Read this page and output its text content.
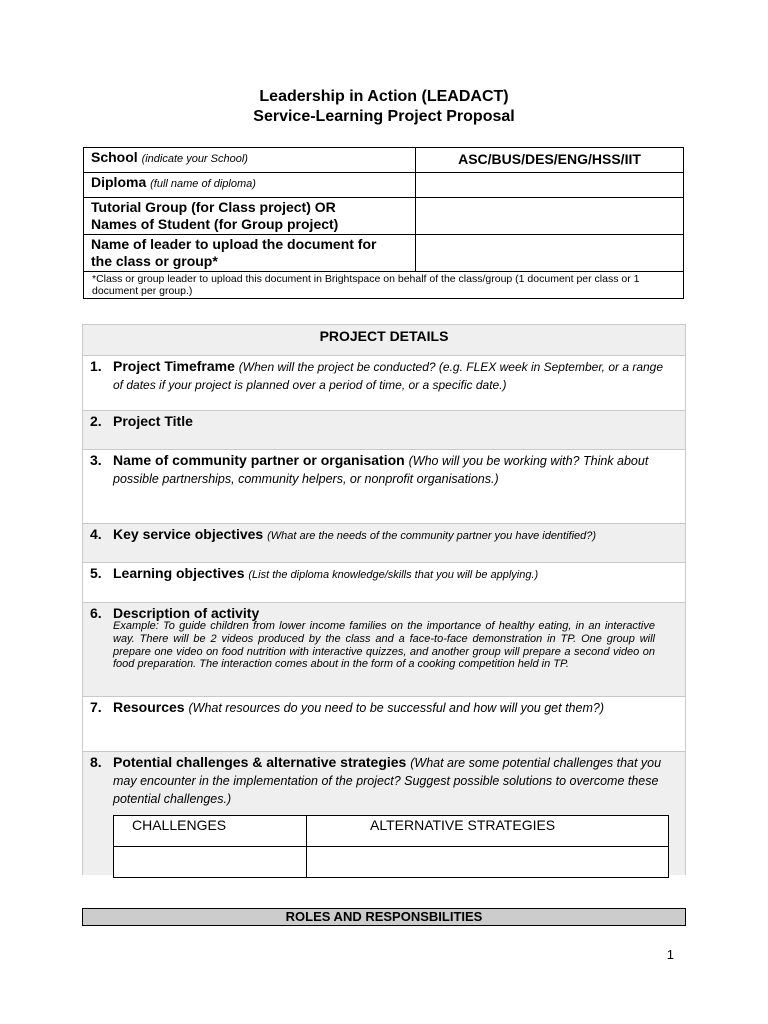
Leadership in Action (LEADACT)
Service-Learning Project Proposal
School (indicate your School)	ASC/BUS/DES/ENG/HSS/IIT
Diploma (full name of diploma)	

Tutorial Group (for Class project) OR
Names of Student (for Group project)	

Name of leader to upload the document for
the class or group*	

*Class or group leader to upload this document in Brightspace on behalf of the class/group (1 document per class or 1 document per group.)	
PROJECT DETAILS
1. Project Timeframe (When will the project be conducted? (e.g. FLEX week in September, or a range of dates if your project is planned over a period of time, or a specific date.)
2. Project Title
3. Name of community partner or organisation (Who will you be working with? Think about possible partnerships, community helpers, or nonprofit organisations.)
4. Key service objectives (What are the needs of the community partner you have identified?)
5. Learning objectives (List the diploma knowledge/skills that you will be applying.)
6. Description of activity
Example: To guide children from lower income families on the importance of healthy eating, in an interactive way. There will be 2 videos produced by the class and a face-to-face demonstration in TP. One group will prepare one video on food nutrition with interactive quizzes, and another group will prepare a second video on food preparation. The interaction comes about in the form of a cooking competition held in TP.
7. Resources (What resources do you need to be successful and how will you get them?)
8. Potential challenges & alternative strategies (What are some potential challenges that you may encounter in the implementation of the project? Suggest possible solutions to overcome these potential challenges.)
CHALLENGES	ALTERNATIVE STRATEGIES

ROLES AND RESPONSBILITIES
1
